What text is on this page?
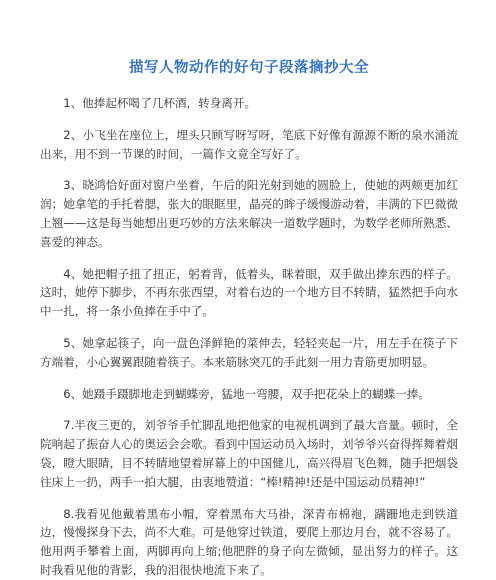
描写人物动作的好句子段落摘抄大全

1、他捧起杯喝了几杯酒，转身离开。

2、小飞坐在座位上，埋头只顾写呀写呀，笔底下好像有源源不断的泉水涌流出来，用不到一节课的时间，一篇作文竟全写好了。

3、晓鸿恰好面对窗户坐着，午后的阳光射到她的圆脸上，使她的两颊更加红润；她拿笔的手托着腮，张大的眼眶里，晶亮的眸子缓慢游动着，丰满的下巴微微上翘——这是每当她想出更巧妙的方法来解决一道数学题时，为数学老师所熟悉、喜爱的神态。

4、她把帽子扭了扭正，躬着背，低着头，眯着眼，双手做出捧东西的样子。这时，她停下脚步，不再东张西望，对着右边的一个地方目不转睛，猛然把手向水中一扎，将一条小鱼捧在手中了。

5、她拿起筷子，向一盘色泽鲜艳的菜伸去，轻轻夹起一片，用左手在筷子下方端着，小心翼翼跟随着筷子。本来筋脉突兀的手此刻一用力青筋更加明显。

6、她蹑手蹑脚地走到蝴蝶旁，猛地一弯腰，双手把花朵上的蝴蝶一捧。

7.半夜三更的，刘爷爷手忙脚乱地把他家的电视机调到了最大音量。顿时，全院响起了振奋人心的奥运会会歌。看到中国运动员入场时，刘爷爷兴奋得挥舞着烟袋，瞪大眼睛，目不转睛地望着屏幕上的中国健儿，高兴得眉飞色舞，随手把烟袋往床上一扔，两手一拍大腿，由衷地赞道：“棒!精神!还是中国运动员精神!”

8.我看见他戴着黑布小帽，穿着黑布大马褂，深青布棉袍，蹒跚地走到铁道边，慢慢探身下去，尚不大难。可是他穿过铁道，要爬上那边月台，就不容易了。他用两手攀着上面，两脚再向上缩;他肥胖的身子向左微倾，显出努力的样子。这时我看见他的背影，我的泪很快地流下来了。
